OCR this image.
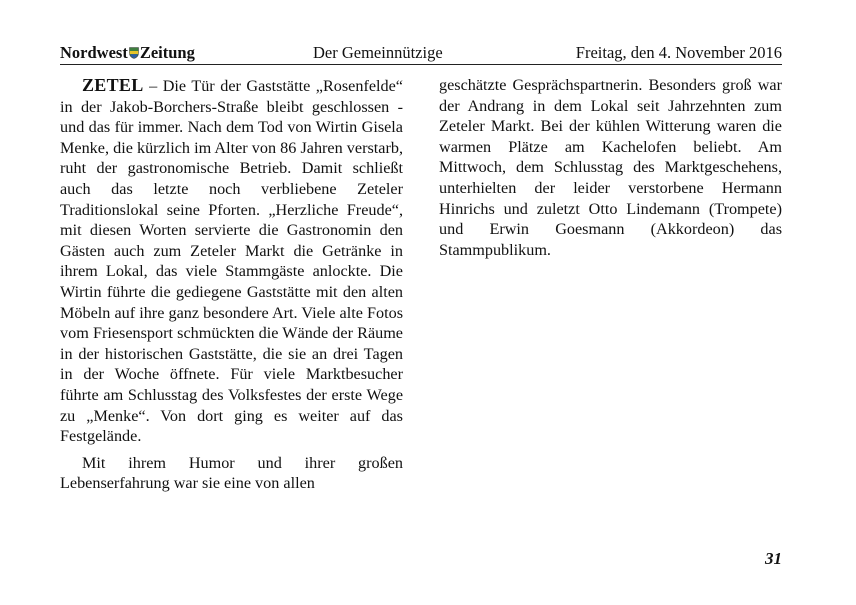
Nordwest Zeitung	Der Gemeinnützige	Freitag, den 4. November 2016

ZETEL – Die Tür der Gaststätte „Rosenfelde“ in der Jakob-Borchers-Straße bleibt geschlossen - und das für immer. Nach dem Tod von Wirtin Gisela Menke, die kürzlich im Alter von 86 Jahren verstarb, ruht der gastronomische Betrieb. Damit schließt auch das letzte noch verbliebene Zeteler Traditionslokal seine Pforten. „Herzliche Freude“, mit diesen Worten servierte die Gastronomin den Gästen auch zum Zeteler Markt die Getränke in ihrem Lokal, das viele Stammgäste anlockte. Die Wirtin führte die gediegene Gaststätte mit den alten Möbeln auf ihre ganz besondere Art. Viele alte Fotos vom Friesensport schmückten die Wände der Räume in der historischen Gaststätte, die sie an drei Tagen in der Woche öffnete. Für viele Marktbesucher führte am Schlusstag des Volksfestes der erste Wege zu „Menke“. Von dort ging es weiter auf das Festgelände.

Mit ihrem Humor und ihrer großen Lebenserfahrung war sie eine von allen

geschätzte Gesprächspartnerin. Besonders groß war der Andrang in dem Lokal seit Jahrzehnten zum Zeteler Markt. Bei der kühlen Witterung waren die warmen Plätze am Kachelofen beliebt. Am Mittwoch, dem Schlusstag des Marktgeschehens, unterhielten der leider verstorbene Hermann Hinrichs und zuletzt Otto Lindemann (Trompete) und Erwin Goesmann (Akkordeon) das Stammpublikum.

31
